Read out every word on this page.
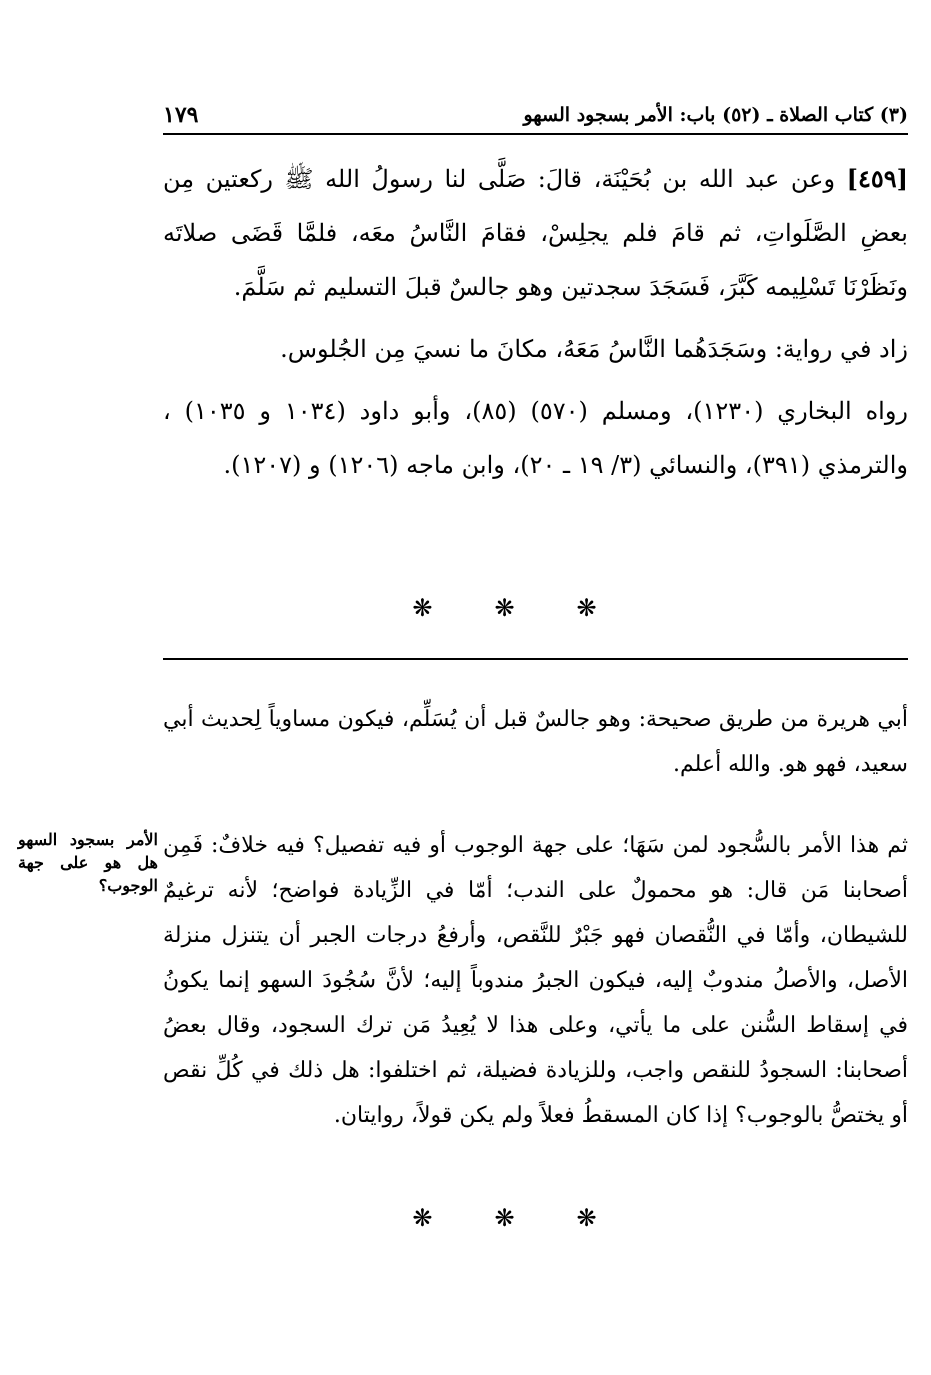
١٧٩	(٣) كتاب الصلاة ـ (٥٢) باب: الأمر بسجود السهو

[٤٥٩] وعن عبد الله بن بُحَيْنَة، قالَ: صَلَّى لنا رسولُ الله ﷺ ركعتين مِن بعضِ الصَّلَواتِ، ثم قامَ فلم يجلِسْ، فقامَ النَّاسُ معَه، فلمَّا قَضَى صلاتَه ونَظَرْنَا تَسْلِيمه كَبَّرَ، فَسَجَدَ سجدتين وهو جالسٌ قبلَ التسليم ثم سَلَّمَ.

زاد في رواية: وسَجَدَهُما النَّاسُ مَعَهُ، مكانَ ما نسيَ مِن الجُلوس.

رواه البخاري (١٢٣٠)، ومسلم (٥٧٠) (٨٥)، وأبو داود (١٠٣٤ و ١٠٣٥) ، والترمذي (٣٩١)، والنسائي (٣/ ١٩ ـ ٢٠)، وابن ماجه (١٢٠٦) و (١٢٠٧).

❋❋❋

أبي هريرة من طريق صحيحة: وهو جالسٌ قبل أن يُسَلِّم، فيكون مساوياً لِحديث أبي سعيد، فهو هو. والله أعلم.

ثم هذا الأمر بالسُّجود لمن سَهَا؛ على جهة الوجوب أو فيه تفصيل؟ فيه خلافٌ: فَمِن أصحابنا مَن قال: هو محمولٌ على الندب؛ أمّا في الزِّيادة فواضح؛ لأنه ترغيمٌ للشيطان، وأمّا في النُّقصان فهو جَبْرٌ للنَّقص، وأرفعُ درجات الجبر أن يتنزل منزلة الأصل، والأصلُ مندوبٌ إليه، فيكون الجبرُ مندوباً إليه؛ لأنَّ سُجُودَ السهو إنما يكونُ في إسقاط السُّنن على ما يأتي، وعلى هذا لا يُعِيدُ مَن ترك السجود، وقال بعضُ أصحابنا: السجودُ للنقص واجب، وللزيادة فضيلة، ثم اختلفوا: هل ذلك في كُلِّ نقص أو يختصُّ بالوجوب؟ إذا كان المسقطُ فعلاً ولم يكن قولاً، روايتان.

الأمر بسجود السهو هل هو على جهة الوجوب؟
❋❋❋
